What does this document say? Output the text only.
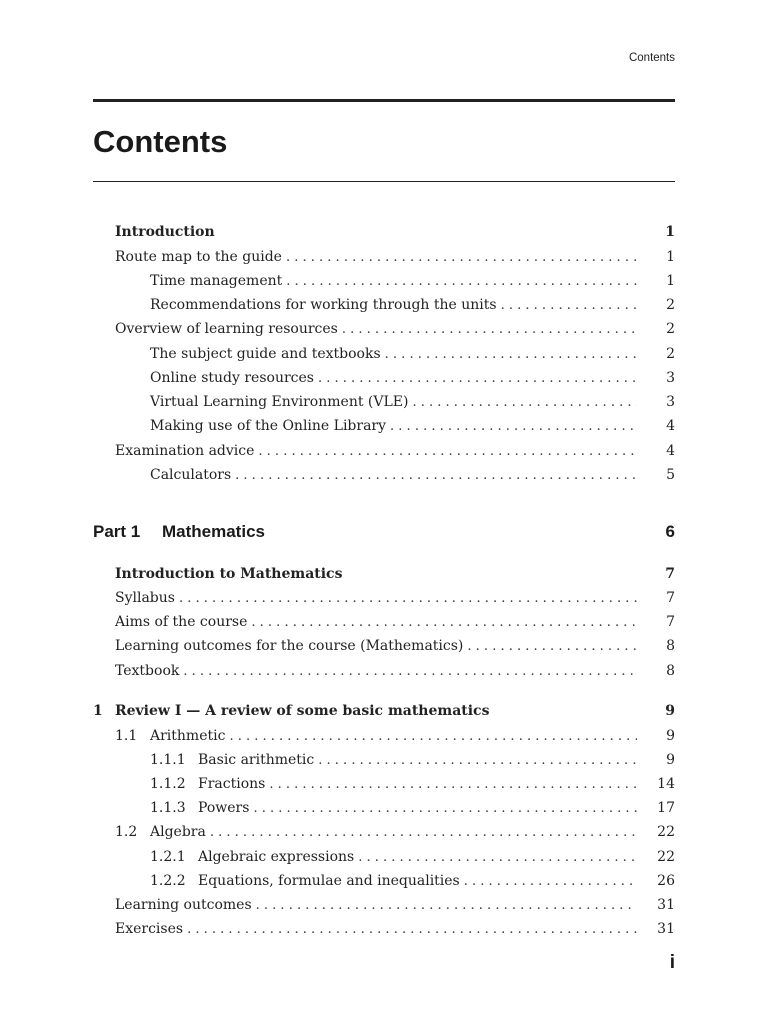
Contents
Contents
Introduction	1
Route map to the guide . . .	1
Time management . . .	1
Recommendations for working through the units . . .	2
Overview of learning resources . . .	2
The subject guide and textbooks . . .	2
Online study resources . . .	3
Virtual Learning Environment (VLE) . . .	3
Making use of the Online Library . . .	4
Examination advice . . .	4
Calculators . . .	5
Part 1	Mathematics	6
Introduction to Mathematics	7
Syllabus . . .	7
Aims of the course . . .	7
Learning outcomes for the course (Mathematics) . . .	8
Textbook . . .	8
1 Review I — A review of some basic mathematics	9
1.1 Arithmetic . . .	9
1.1.1 Basic arithmetic . . .	9
1.1.2 Fractions . . .	14
1.1.3 Powers . . .	17
1.2 Algebra . . .	22
1.2.1 Algebraic expressions . . .	22
1.2.2 Equations, formulae and inequalities . . .	26
Learning outcomes . . .	31
Exercises . . .	31
i
